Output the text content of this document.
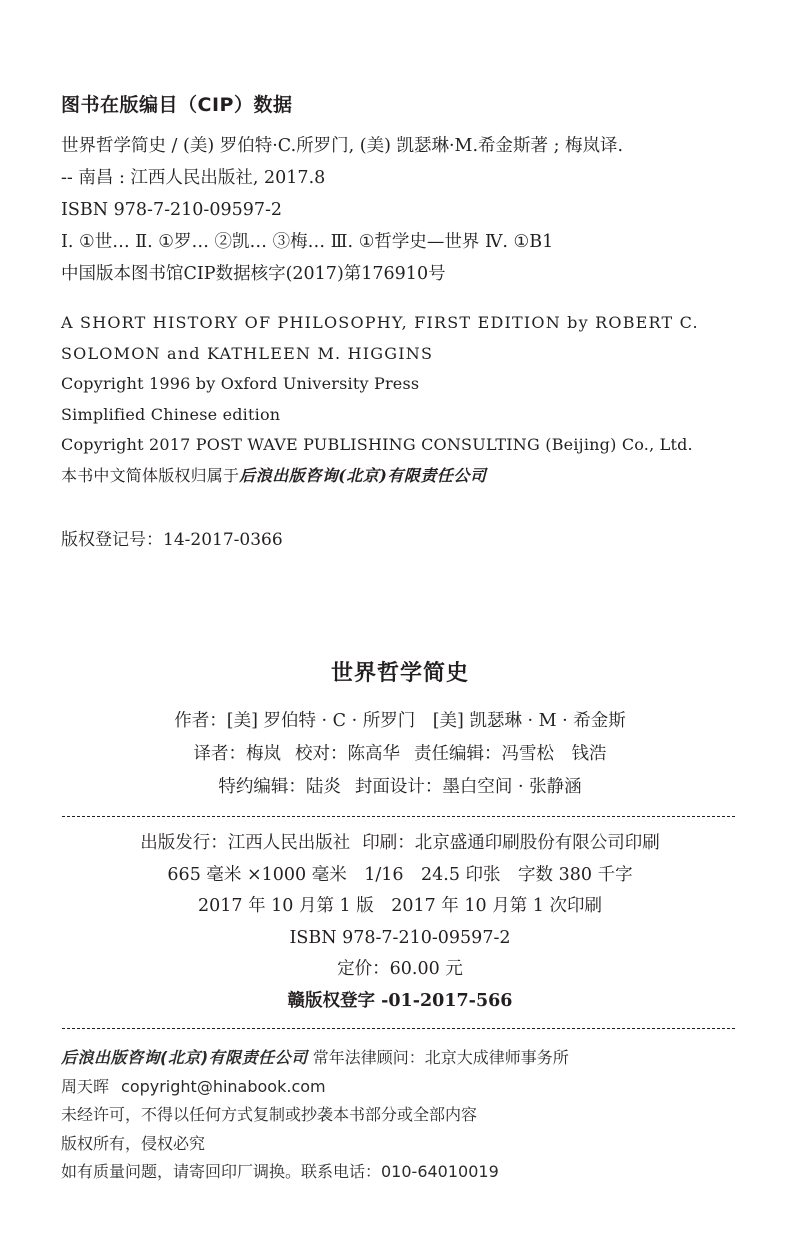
图书在版编目（CIP）数据
世界哲学简史 / (美) 罗伯特·C.所罗门, (美) 凯瑟琳·M.希金斯著 ; 梅岚译.
-- 南昌 : 江西人民出版社, 2017.8
ISBN 978-7-210-09597-2
Ⅰ. ①世… Ⅱ. ①罗… ②凯… ③梅… Ⅲ. ①哲学史—世界 Ⅳ. ①B1
中国版本图书馆CIP数据核字(2017)第176910号
A SHORT HISTORY OF PHILOSOPHY, FIRST EDITION by ROBERT C.
SOLOMON and KATHLEEN M. HIGGINS
Copyright 1996 by Oxford University Press
Simplified Chinese edition
Copyright 2017 POST WAVE PUBLISHING CONSULTING (Beijing) Co., Ltd.
本书中文简体版权归属于后浪出版咨询(北京)有限责任公司
版权登记号：14-2017-0366
世界哲学简史
作者：[美] 罗伯特 · C · 所罗门　[美] 凯瑟琳 · M · 希金斯
译者：梅岚 校对：陈高华 责任编辑：冯雪松　钱浩
特约编辑：陆炎 封面设计：墨白空间 · 张静涵
出版发行：江西人民出版社 印刷：北京盛通印刷股份有限公司印刷
665 毫米 ×1000 毫米　1/16　24.5 印张　字数 380 千字
2017 年 10 月第 1 版　2017 年 10 月第 1 次印刷
ISBN 978-7-210-09597-2
定价：60.00 元
赣版权登字 -01-2017-566
后浪出版咨询(北京)有限责任公司 常年法律顾问：北京大成律师事务所
周天晖 copyright@hinabook.com
未经许可，不得以任何方式复制或抄袭本书部分或全部内容
版权所有，侵权必究
如有质量问题，请寄回印厂调换。联系电话：010-64010019
